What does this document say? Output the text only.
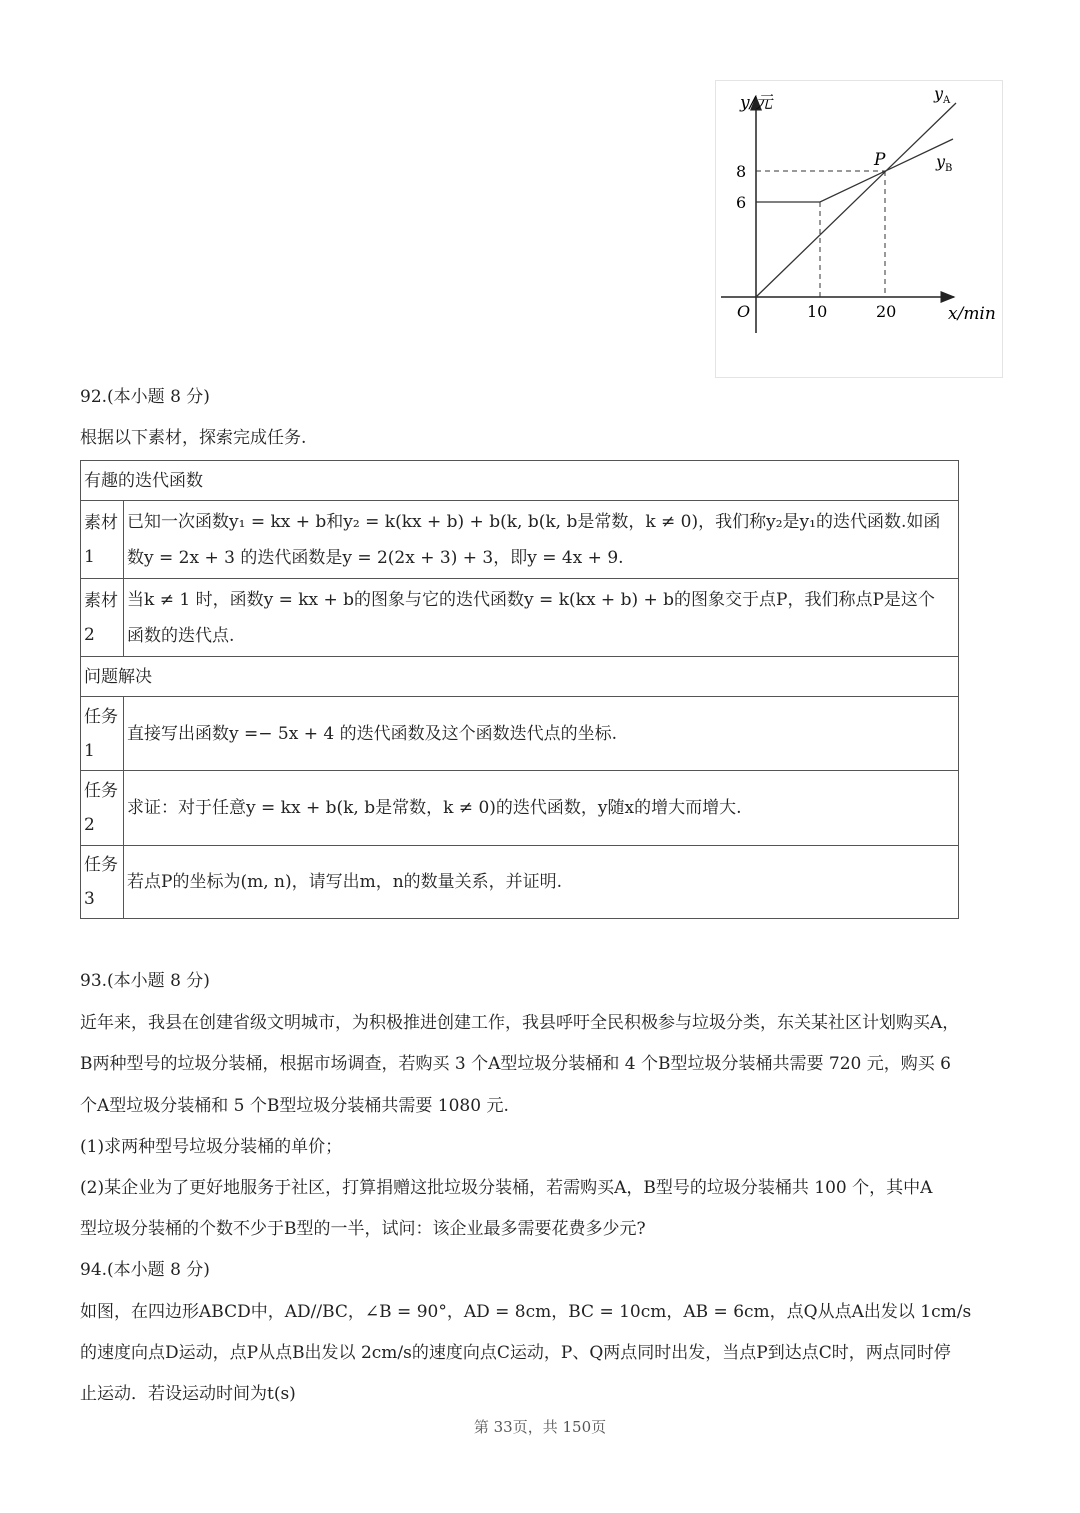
y/元
8
6
O	10	20	x/min
P
$y_A$
$y_B$
92.(本小题 8 分)
根据以下素材，探索完成任务.
有趣的迭代函数	
素材1	已知一次函数y₁ = kx + b和y₂ = k(kx + b) + b(k, b(k, b是常数，k ≠ 0)，我们称y₂是y₁的迭代函数.如函
数y = 2x + 3 的迭代函数是y = 2(2x + 3) + 3，即y = 4x + 9.

素材2	当k ≠ 1 时，函数y = kx + b的图象与它的迭代函数y = k(kx + b) + b的图象交于点P，我们称点P是这个
函数的迭代点.

问题解决	
任务1	直接写出函数y =− 5x + 4 的迭代函数及这个函数迭代点的坐标.
任务2	求证：对于任意y = kx + b(k, b是常数，k ≠ 0)的迭代函数，y随x的增大而增大.
任务3	若点P的坐标为(m, n)，请写出m，n的数量关系，并证明.
93.(本小题 8 分)
近年来，我县在创建省级文明城市，为积极推进创建工作，我县呼吁全民积极参与垃圾分类，东关某社区计划购买A，
B两种型号的垃圾分装桶，根据市场调查，若购买 3 个A型垃圾分装桶和 4 个B型垃圾分装桶共需要 720 元，购买 6
个A型垃圾分装桶和 5 个B型垃圾分装桶共需要 1080 元.
(1)求两种型号垃圾分装桶的单价；
(2)某企业为了更好地服务于社区，打算捐赠这批垃圾分装桶，若需购买A，B型号的垃圾分装桶共 100 个，其中A
型垃圾分装桶的个数不少于B型的一半，试问：该企业最多需要花费多少元?
94.(本小题 8 分)
如图，在四边形ABCD中，AD//BC，∠B = 90°，AD = 8cm，BC = 10cm，AB = 6cm，点Q从点A出发以 1cm/s
的速度向点D运动，点P从点B出发以 2cm/s的速度向点C运动，P、Q两点同时出发，当点P到达点C时，两点同时停
止运动．若设运动时间为t(s)
第 33页，共 150页
